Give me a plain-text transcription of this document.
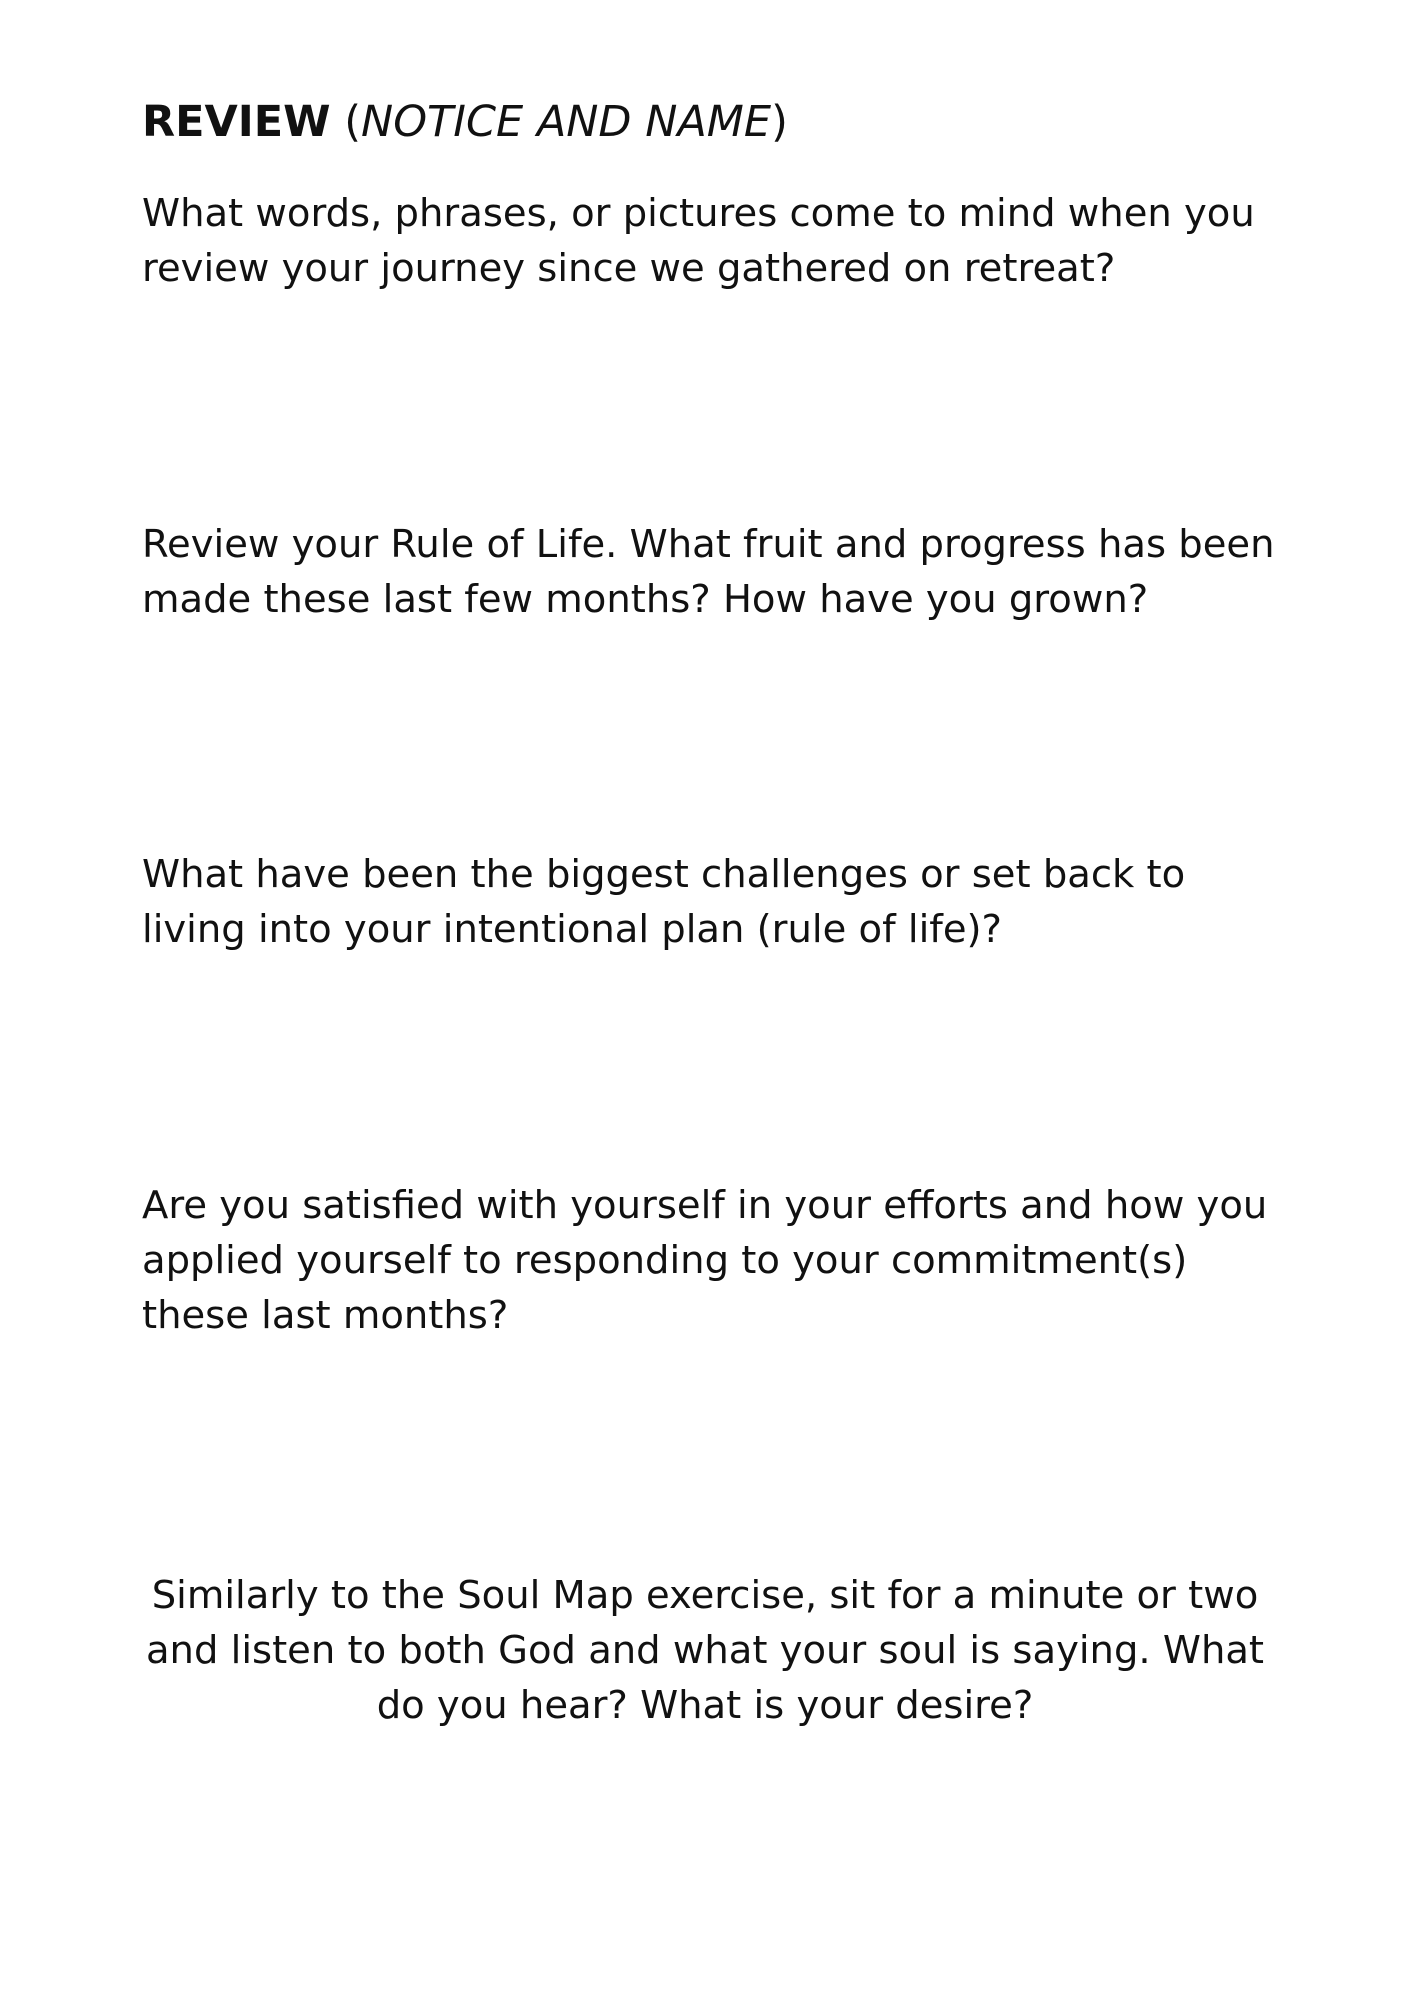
REVIEW (NOTICE AND NAME)

What words, phrases, or pictures come to mind when you
review your journey since we gathered on retreat?

Review your Rule of Life. What fruit and progress has been
made these last few months? How have you grown?

What have been the biggest challenges or set back to
living into your intentional plan (rule of life)?

Are you satisfied with yourself in your efforts and how you
applied yourself to responding to your commitment(s)
these last months?

Similarly to the Soul Map exercise, sit for a minute or two
and listen to both God and what your soul is saying. What
do you hear? What is your desire?
